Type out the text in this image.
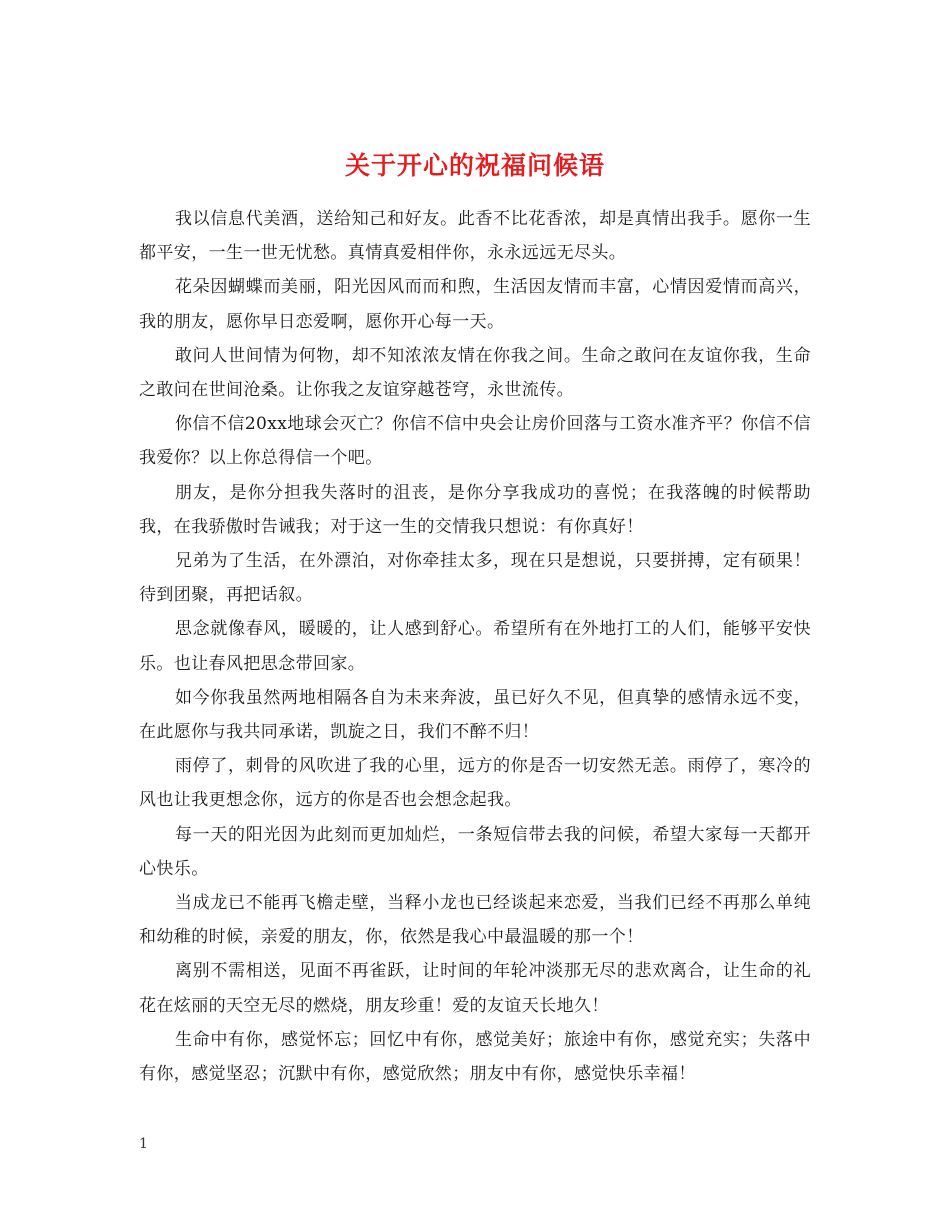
关于开心的祝福问候语

我以信息代美酒，送给知己和好友。此香不比花香浓，却是真情出我手。愿你一生都平安，一生一世无忧愁。真情真爱相伴你，永永远远无尽头。

花朵因蝴蝶而美丽，阳光因风而而和煦，生活因友情而丰富，心情因爱情而高兴，我的朋友，愿你早日恋爱啊，愿你开心每一天。

敢问人世间情为何物，却不知浓浓友情在你我之间。生命之敢问在友谊你我，生命之敢问在世间沧桑。让你我之友谊穿越苍穹，永世流传。

你信不信20xx地球会灭亡？你信不信中央会让房价回落与工资水准齐平？你信不信我爱你？以上你总得信一个吧。

朋友，是你分担我失落时的沮丧，是你分享我成功的喜悦；在我落魄的时候帮助我，在我骄傲时告诫我；对于这一生的交情我只想说：有你真好！

兄弟为了生活，在外漂泊，对你牵挂太多，现在只是想说，只要拼搏，定有硕果！待到团聚，再把话叙。

思念就像春风，暖暖的，让人感到舒心。希望所有在外地打工的人们，能够平安快乐。也让春风把思念带回家。

如今你我虽然两地相隔各自为未来奔波，虽已好久不见，但真挚的感情永远不变，在此愿你与我共同承诺，凯旋之日，我们不醉不归！

雨停了，刺骨的风吹进了我的心里，远方的你是否一切安然无恙。雨停了，寒冷的风也让我更想念你，远方的你是否也会想念起我。

每一天的阳光因为此刻而更加灿烂，一条短信带去我的问候，希望大家每一天都开心快乐。

当成龙已不能再飞檐走壁，当释小龙也已经谈起来恋爱，当我们已经不再那么单纯和幼稚的时候，亲爱的朋友，你，依然是我心中最温暖的那一个！

离别不需相送，见面不再雀跃，让时间的年轮冲淡那无尽的悲欢离合，让生命的礼花在炫丽的天空无尽的燃烧，朋友珍重！爱的友谊天长地久！

生命中有你，感觉怀忘；回忆中有你，感觉美好；旅途中有你，感觉充实；失落中有你，感觉坚忍；沉默中有你，感觉欣然；朋友中有你，感觉快乐幸福！

1
